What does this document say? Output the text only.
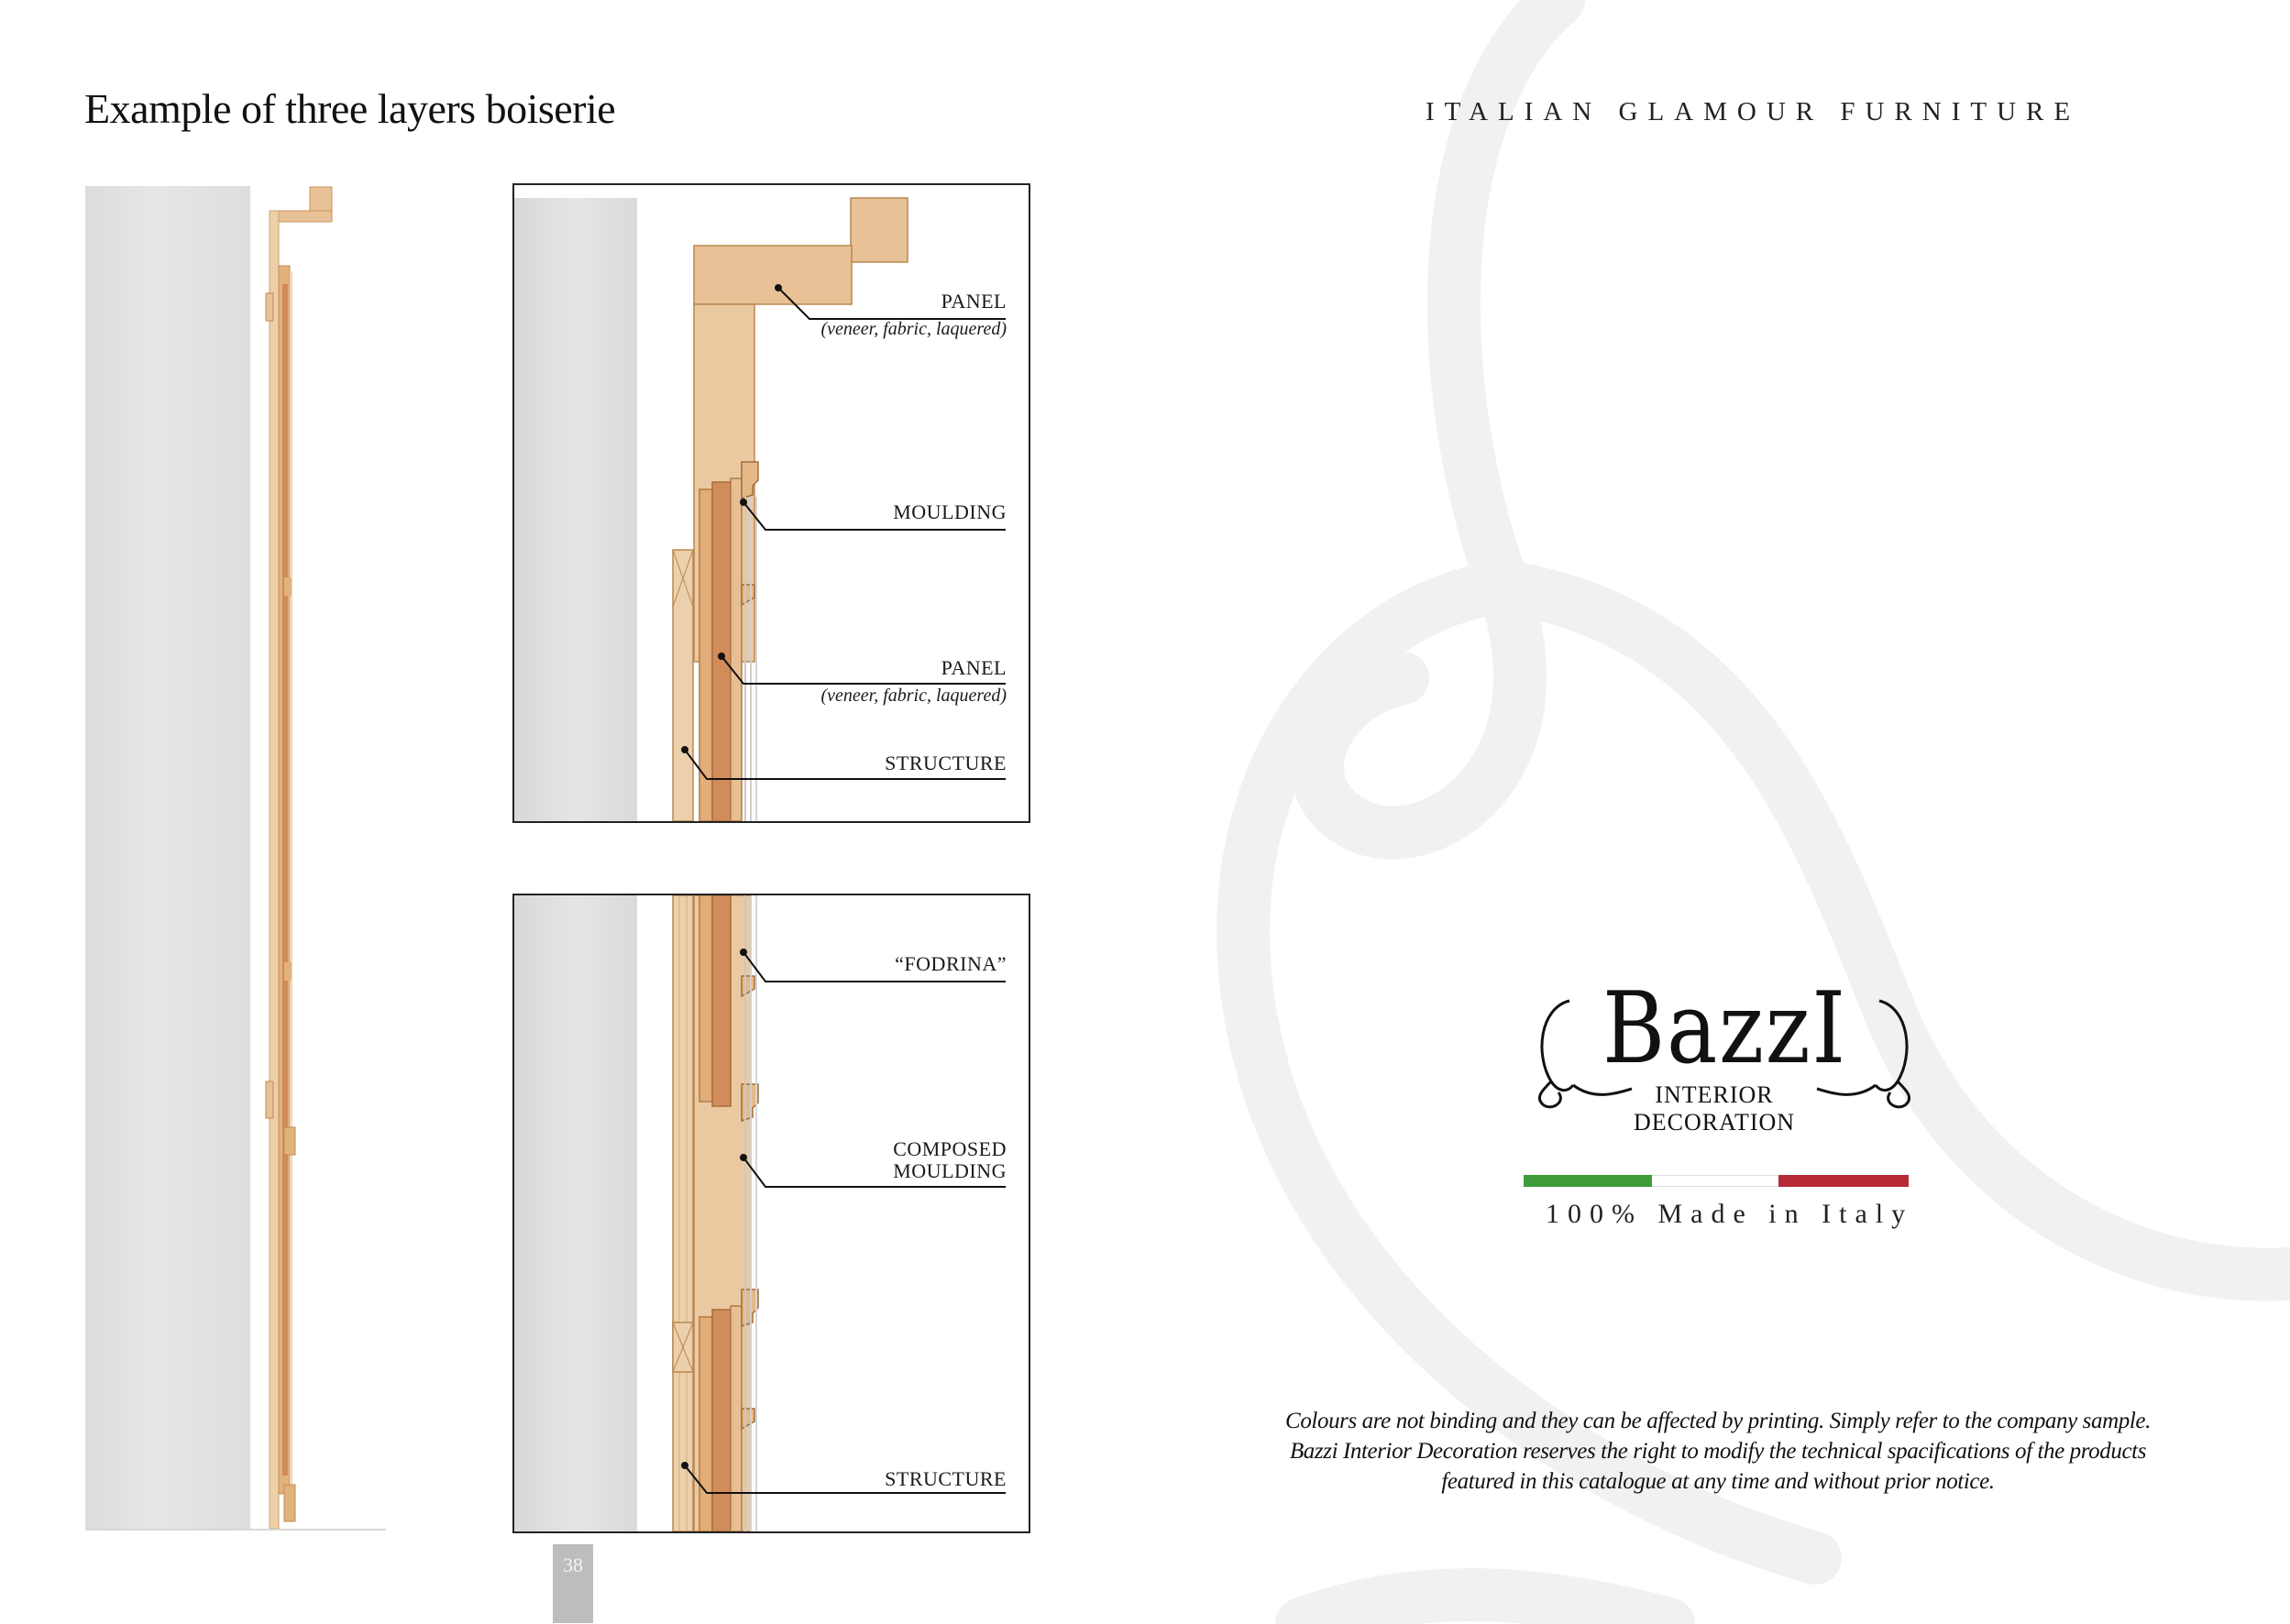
Example of three layers boiserie	ITALIAN GLAMOUR FURNITURE
PANEL
(veneer, fabric, laquered)
MOULDING
PANEL
(veneer, fabric, laquered)
STRUCTURE
“FODRINA”
COMPOSED
MOULDING
STRUCTURE
38
BazzI
INTERIOR
DECORATION
100% Made in Italy
Colours are not binding and they can be affected by printing. Simply refer to the company sample.
Bazzi Interior Decoration reserves the right to modify the technical spacifications of the products
featured in this catalogue at any time and without prior notice.
